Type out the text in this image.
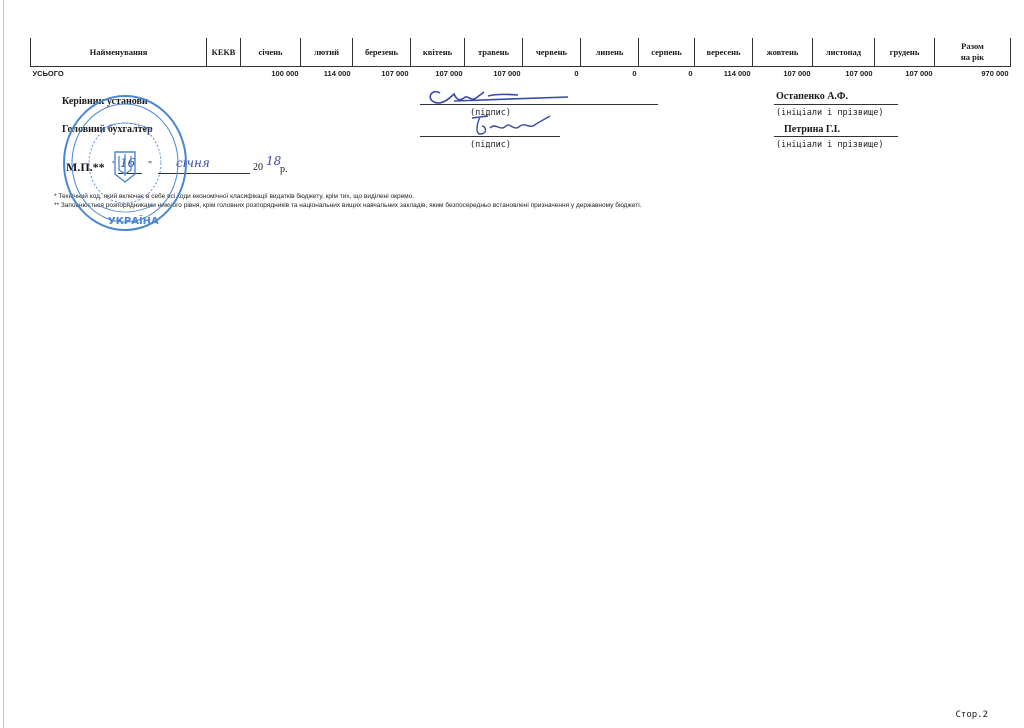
Найменування	КЕКВ	січень	лютий	березень	квітень	травень	червень	липень	серпень	вересень	жовтень	листопад	грудень	Разом
на рік
УСЬОГО		100 000	114 000	107 000	107 000	107 000	0	0	0	114 000	107 000	107 000	107 000	970 000
Керівник установи
(підпис)
Остапенко А.Ф.
(ініціали і прізвище)
Головний бухгалтер
(підпис)
Петрина Г.І.
(ініціали і прізвище)
М.П.** " 16 " січня	20 18
р.
* Технічний код, який включає в себе всі коди економічної класифікації видатків бюджету, крім тих, що виділені окремо.
** Заповнюється розпорядниками нижчого рівня, крім головних розпорядників та національних вищих навчальних закладів, яким безпосередньо встановлені призначення у державному бюджеті.
УКРАЇНА
Стор.2
